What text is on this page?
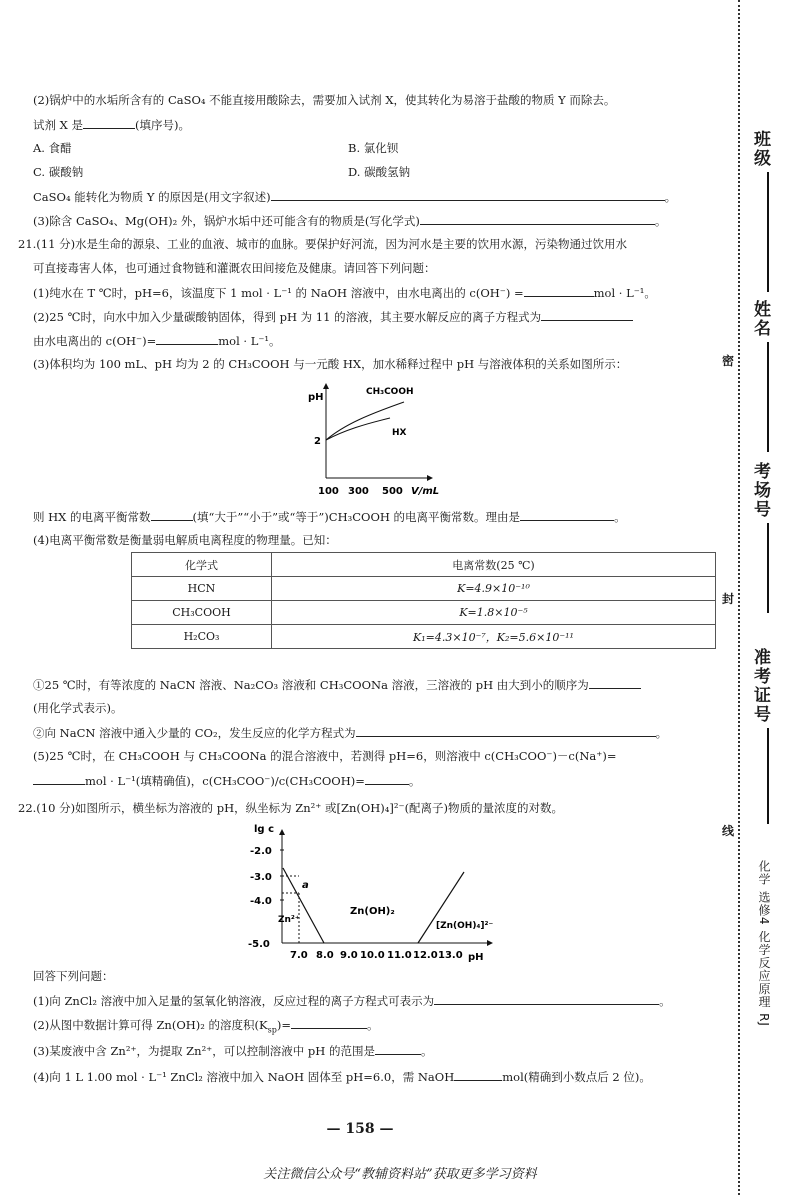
(2)锅炉中的水垢所含有的 CaSO₄ 不能直接用酸除去，需要加入试剂 X，使其转化为易溶于盐酸的物质 Y 而除去。
试剂 X 是	(填序号)。
A. 食醋	B. 氯化钡
C. 碳酸钠	D. 碳酸氢钠
CaSO₄ 能转化为物质 Y 的原因是(用文字叙述)	。
(3)除含 CaSO₄、Mg(OH)₂ 外，锅炉水垢中还可能含有的物质是(写化学式)	。
21.(11 分)水是生命的源泉、工业的血液、城市的血脉。要保护好河流，因为河水是主要的饮用水源，污染物通过饮用水
可直接毒害人体，也可通过食物链和灌溉农田间接危及健康。请回答下列问题：
(1)纯水在 T ℃时，pH=6，该温度下 1 mol · L⁻¹ 的 NaOH 溶液中，由水电离出的 c(OH⁻) =	mol · L⁻¹。
(2)25 ℃时，向水中加入少量碳酸钠固体，得到 pH 为 11 的溶液，其主要水解反应的离子方程式为
由水电离出的 c(OH⁻)=	mol · L⁻¹。
(3)体积均为 100 mL、pH 均为 2 的 CH₃COOH 与一元酸 HX，加水稀释过程中 pH 与溶液体积的关系如图所示：
pH
2
CH₃COOH
HX
100 300 500 V/mL
则 HX 的电离平衡常数	(填“大于”“小于”或“等于”)CH₃COOH 的电离平衡常数。理由是	。
(4)电离平衡常数是衡量弱电解质电离程度的物理量。已知：
化学式	电离常数(25 ℃)
HCN	K=4.9×10⁻¹⁰
CH₃COOH	K=1.8×10⁻⁵
H₂CO₃	K₁=4.3×10⁻⁷，K₂=5.6×10⁻¹¹
①25 ℃时，有等浓度的 NaCN 溶液、Na₂CO₃ 溶液和 CH₃COONa 溶液，三溶液的 pH 由大到小的顺序为
(用化学式表示)。
②向 NaCN 溶液中通入少量的 CO₂，发生反应的化学方程式为	。
(5)25 ℃时，在 CH₃COOH 与 CH₃COONa 的混合溶液中，若测得 pH=6，则溶液中 c(CH₃COO⁻)－c(Na⁺)=
mol · L⁻¹(填精确值)，c(CH₃COO⁻)/c(CH₃COOH)=	。
22.(10 分)如图所示，横坐标为溶液的 pH，纵坐标为 Zn²⁺ 或[Zn(OH)₄]²⁻(配离子)物质的量浓度的对数。
lg c
-2.0
-3.0
-4.0
-5.0
a
Zn²⁺
Zn(OH)₂
[Zn(OH)₄]²⁻
7.0 8.0 9.0 10.0 11.0 12.0 13.0 pH
回答下列问题：
(1)向 ZnCl₂ 溶液中加入足量的氢氧化钠溶液，反应过程的离子方程式可表示为	。
(2)从图中数据计算可得 Zn(OH)₂ 的溶度积$(K_{sp})=$	。
(3)某废液中含 Zn²⁺，为提取 Zn²⁺，可以控制溶液中 pH 的范围是	。
(4)向 1 L 1.00 mol · L⁻¹ ZnCl₂ 溶液中加入 NaOH 固体至 pH=6.0，需 NaOH	mol(精确到小数点后 2 位)。
— 158 —
关注微信公众号“教辅资料站”获取更多学习资料
班级
姓名
考场号
准考证号
密
封
线
化学 选修4 化学反应原理 RJ
